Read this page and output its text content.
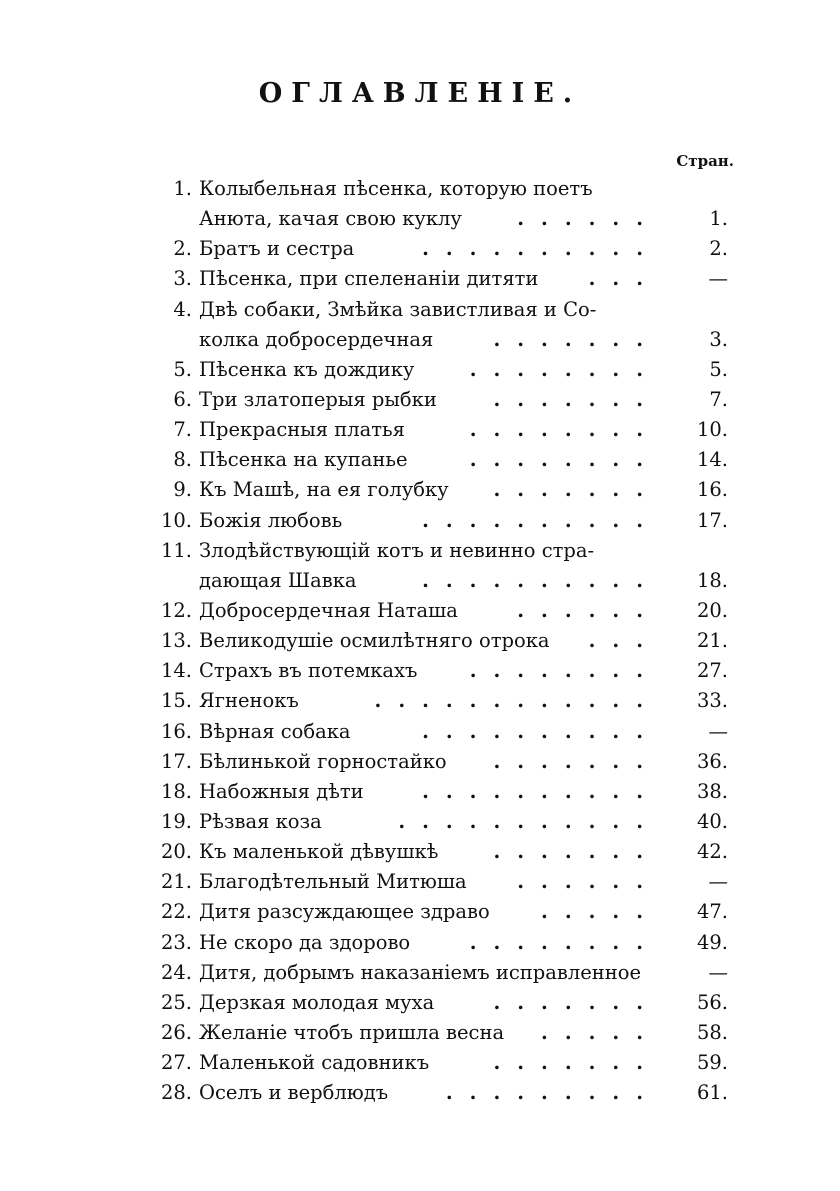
ОГЛАВЛЕНІЕ.
Стран.
1. Колыбельная пѣсенка, которую поетъ
Анюта, качая свою куклу	1.
......
2. Братъ и сестра	2.
..........
3. Пѣсенка, при спеленаніи дитяти	—
...
4. Двѣ собаки, Змѣйка завистливая и Со-
колка добросердечная	3.
.......
5. Пѣсенка къ дождику	5.
........
6. Три златоперыя рыбки	7.
.......
7. Прекрасныя платья	10.
........
8. Пѣсенка на купанье	14.
........
9. Къ Машѣ, на ея голубку	16.
.......
10. Божія любовь	17.
..........
11. Злодѣйствующій котъ и невинно стра-
дающая Шавка	18.
..........
12. Добросердечная Наташа	20.
......
13. Великодушіе осмилѣтняго отрока	21.
...
14. Страхъ въ потемкахъ	27.
........
15. Ягненокъ	33.
............
16. Вѣрная собака	—
..........
17. Бѣлинькой горностайко	36.
.......
18. Набожныя дѣти	38.
..........
19. Рѣзвая коза	40.
...........
20. Къ маленькой дѣвушкѣ	42.
.......
21. Благодѣтельный Митюша	—
......
22. Дитя разсуждающее здраво	47.
.....
23. Не скоро да здорово	49.
........
24. Дитя, добрымъ наказаніемъ исправленное	—
25. Дерзкая молодая муха	56.
.......
26. Желаніе чтобъ пришла весна	58.
.....
27. Маленькой садовникъ	59.
.......
28. Оселъ и верблюдъ	61.
.........
